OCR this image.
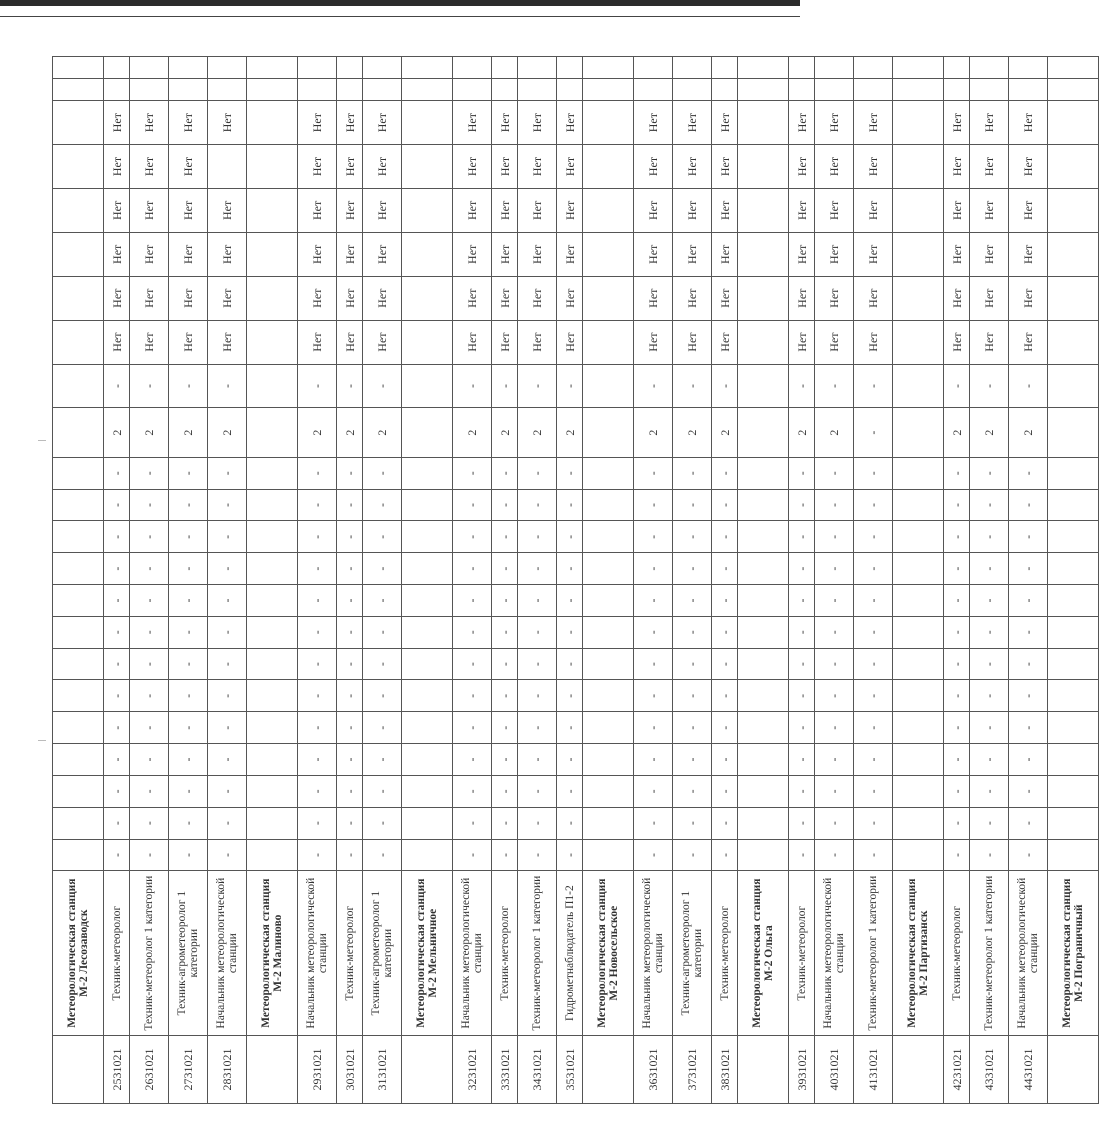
	Метеорологическая станция М-2 Лесозаводск																							
2531021	Техник-метеоролог	-	-	-	-	-	-	-	-	-	-	-	-	-	2	-	Нет	Нет	Нет	Нет	Нет	Нет		
2631021	Техник-метеоролог 1 категории	-	-	-	-	-	-	-	-	-	-	-	-	-	2	-	Нет	Нет	Нет	Нет	Нет	Нет		
2731021	Техник-агрометеоролог 1 категории	-	-	-	-	-	-	-	-	-	-	-	-	-	2	-	Нет	Нет	Нет	Нет	Нет	Нет		
2831021	Начальник метеорологической станции	-	-	-	-	-	-	-	-	-	-	-	-	-	2	-	Нет	Нет	Нет	Нет		Нет		
	Метеорологическая станция М-2 Малиново																							
2931021	Начальник метеорологической станции	-	-	-	-	-	-	-	-	-	-	-	-	-	2	-	Нет	Нет	Нет	Нет	Нет	Нет		
3031021	Техник-метеоролог	-	-	-	-	-	-	-	-	-	-	-	-	-	2	-	Нет	Нет	Нет	Нет	Нет	Нет		
3131021	Техник-агрометеоролог 1 категории	-	-	-	-	-	-	-	-	-	-	-	-	-	2	-	Нет	Нет	Нет	Нет	Нет	Нет		
	Метеорологическая станция М-2 Мельничное																							
3231021	Начальник метеорологической станции	-	-	-	-	-	-	-	-	-	-	-	-	-	2	-	Нет	Нет	Нет	Нет	Нет	Нет		
3331021	Техник-метеоролог	-	-	-	-	-	-	-	-	-	-	-	-	-	2	-	Нет	Нет	Нет	Нет	Нет	Нет		
3431021	Техник-метеоролог 1 категории	-	-	-	-	-	-	-	-	-	-	-	-	-	2	-	Нет	Нет	Нет	Нет	Нет	Нет		
3531021	Гидрометнаблюдатель П1-2	-	-	-	-	-	-	-	-	-	-	-	-	-	2	-	Нет	Нет	Нет	Нет	Нет	Нет		
	Метеорологическая станция М-2 Новосельское																							
3631021	Начальник метеорологической станции	-	-	-	-	-	-	-	-	-	-	-	-	-	2	-	Нет	Нет	Нет	Нет	Нет	Нет		
3731021	Техник-агрометеоролог 1 категории	-	-	-	-	-	-	-	-	-	-	-	-	-	2	-	Нет	Нет	Нет	Нет	Нет	Нет		
3831021	Техник-метеоролог	-	-	-	-	-	-	-	-	-	-	-	-	-	2	-	Нет	Нет	Нет	Нет	Нет	Нет		
	Метеорологическая станция М-2 Ольга																							
3931021	Техник-метеоролог	-	-	-	-	-	-	-	-	-	-	-	-	-	2	-	Нет	Нет	Нет	Нет	Нет	Нет		
4031021	Начальник метеорологической станции	-	-	-	-	-	-	-	-	-	-	-	-	-	2	-	Нет	Нет	Нет	Нет	Нет	Нет		
4131021	Техник-метеоролог 1 категории	-	-	-	-	-	-	-	-	-	-	-	-	-	-	-	Нет	Нет	Нет	Нет	Нет	Нет		
	Метеорологическая станция М-2 Партизанск																							
4231021	Техник-метеоролог	-	-	-	-	-	-	-	-	-	-	-	-	-	2	-	Нет	Нет	Нет	Нет	Нет	Нет		
4331021	Техник-метеоролог 1 категории	-	-	-	-	-	-	-	-	-	-	-	-	-	2	-	Нет	Нет	Нет	Нет	Нет	Нет		
4431021	Начальник метеорологической станции	-	-	-	-	-	-	-	-	-	-	-	-	-	2	-	Нет	Нет	Нет	Нет	Нет	Нет		
	Метеорологическая станция М-2 Пограничный																							
